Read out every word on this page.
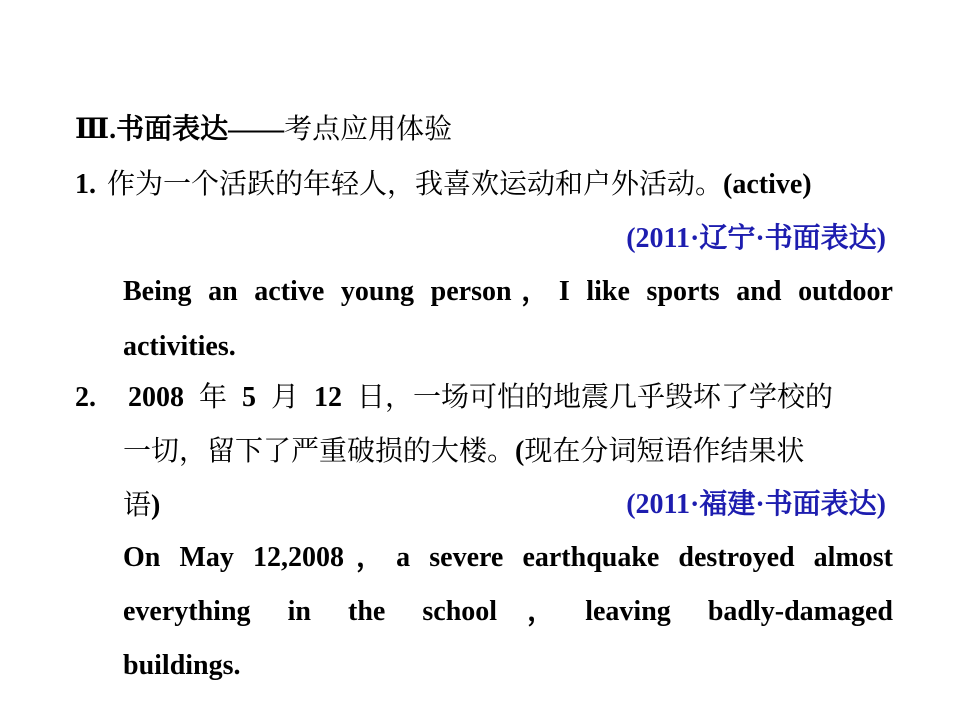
Ⅲ.书面表达——考点应用体验
1. 作为一个活跃的年轻人，我喜欢运动和户外活动。(active)
(2011·辽宁·书面表达)
Being an active young person，I like sports and outdoor
activities.
2. 2008 年 5 月 12 日，一场可怕的地震几乎毁坏了学校的
一切，留下了严重破损的大楼。(现在分词短语作结果状
语)	(2011·福建·书面表达)
On May 12,2008，a severe earthquake destroyed almost
everything in the school，leaving badly-damaged
buildings.
